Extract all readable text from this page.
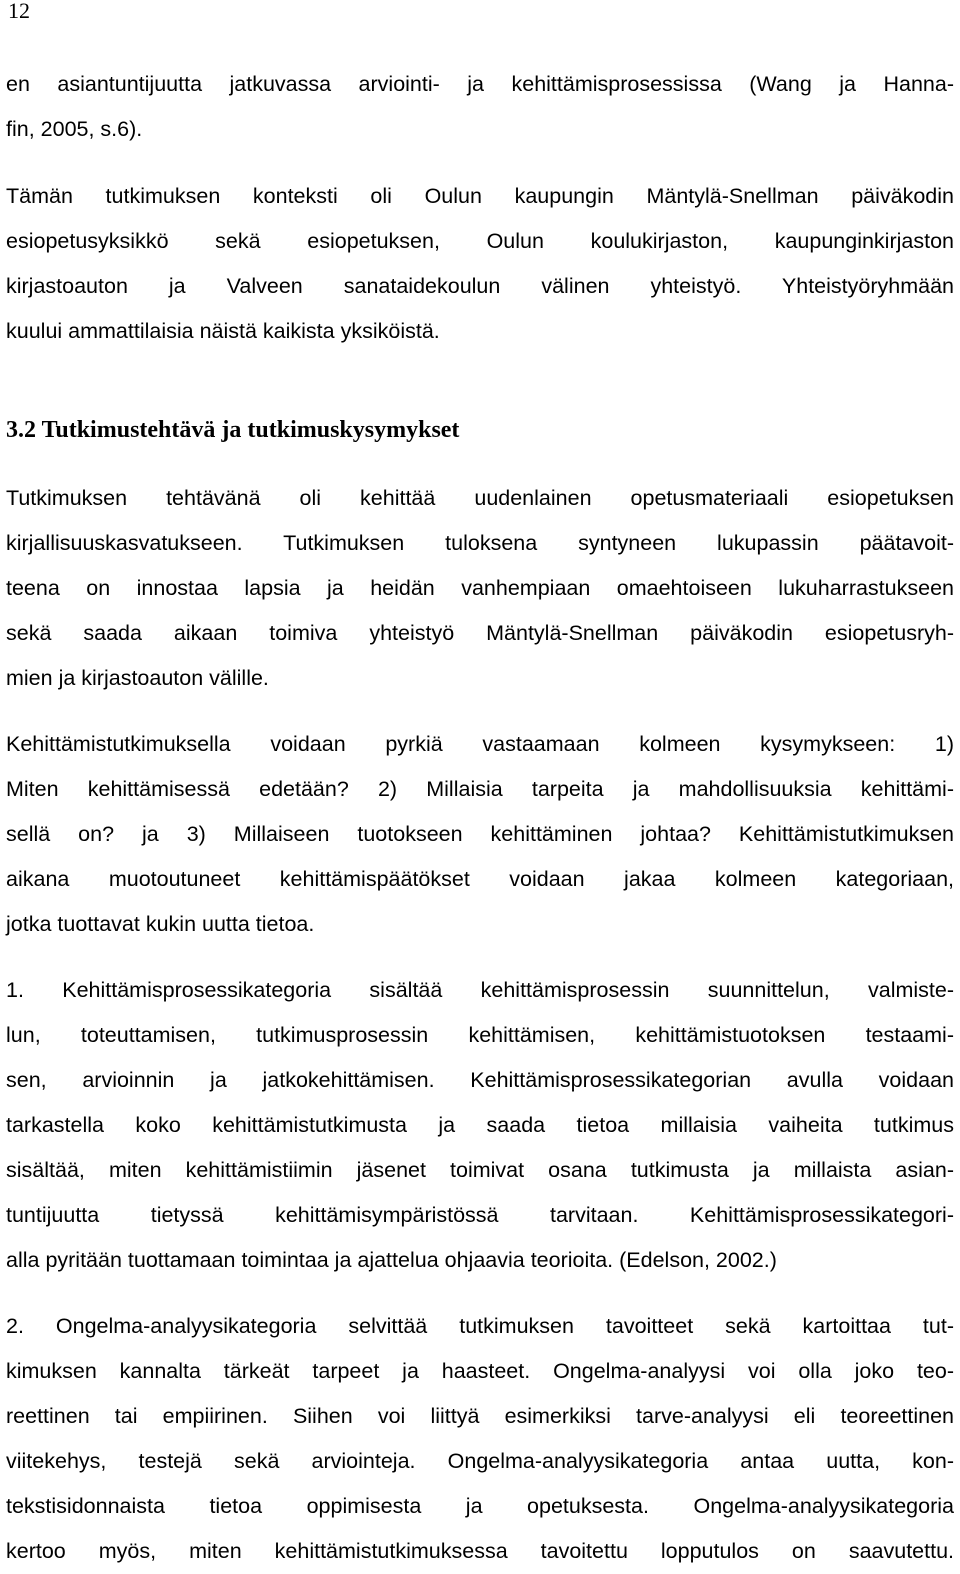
12
en asiantuntijuutta jatkuvassa arviointi- ja kehittämisprosessissa (Wang ja Hanna-
fin, 2005, s.6).
Tämän tutkimuksen konteksti oli Oulun kaupungin Mäntylä-Snellman päiväkodin
esiopetusyksikkö sekä esiopetuksen, Oulun koulukirjaston, kaupunginkirjaston
kirjastoauton ja Valveen sanataidekoulun välinen yhteistyö. Yhteistyöryhmään
kuului ammattilaisia näistä kaikista yksiköistä.
3.2 Tutkimustehtävä ja tutkimuskysymykset
Tutkimuksen tehtävänä oli kehittää uudenlainen opetusmateriaali esiopetuksen
kirjallisuuskasvatukseen. Tutkimuksen tuloksena syntyneen lukupassin päätavoit-
teena on innostaa lapsia ja heidän vanhempiaan omaehtoiseen lukuharrastukseen
sekä saada aikaan toimiva yhteistyö Mäntylä-Snellman päiväkodin esiopetusryh-
mien ja kirjastoauton välille.
Kehittämistutkimuksella voidaan pyrkiä vastaamaan kolmeen kysymykseen: 1)
Miten kehittämisessä edetään? 2) Millaisia tarpeita ja mahdollisuuksia kehittämi-
sellä on? ja 3) Millaiseen tuotokseen kehittäminen johtaa? Kehittämistutkimuksen
aikana muotoutuneet kehittämispäätökset voidaan jakaa kolmeen kategoriaan,
jotka tuottavat kukin uutta tietoa.
1. Kehittämisprosessikategoria sisältää kehittämisprosessin suunnittelun, valmiste-
lun, toteuttamisen, tutkimusprosessin kehittämisen, kehittämistuotoksen testaami-
sen, arvioinnin ja jatkokehittämisen. Kehittämisprosessikategorian avulla voidaan
tarkastella koko kehittämistutkimusta ja saada tietoa millaisia vaiheita tutkimus
sisältää, miten kehittämistiimin jäsenet toimivat osana tutkimusta ja millaista asian-
tuntijuutta tietyssä kehittämisympäristössä tarvitaan. Kehittämisprosessikategori-
alla pyritään tuottamaan toimintaa ja ajattelua ohjaavia teorioita. (Edelson, 2002.)
2. Ongelma-analyysikategoria selvittää tutkimuksen tavoitteet sekä kartoittaa tut-
kimuksen kannalta tärkeät tarpeet ja haasteet. Ongelma-analyysi voi olla joko teo-
reettinen tai empiirinen. Siihen voi liittyä esimerkiksi tarve-analyysi eli teoreettinen
viitekehys, testejä sekä arviointeja. Ongelma-analyysikategoria antaa uutta, kon-
tekstisidonnaista tietoa oppimisesta ja opetuksesta. Ongelma-analyysikategoria
kertoo myös, miten kehittämistutkimuksessa tavoitettu lopputulos on saavutettu.
